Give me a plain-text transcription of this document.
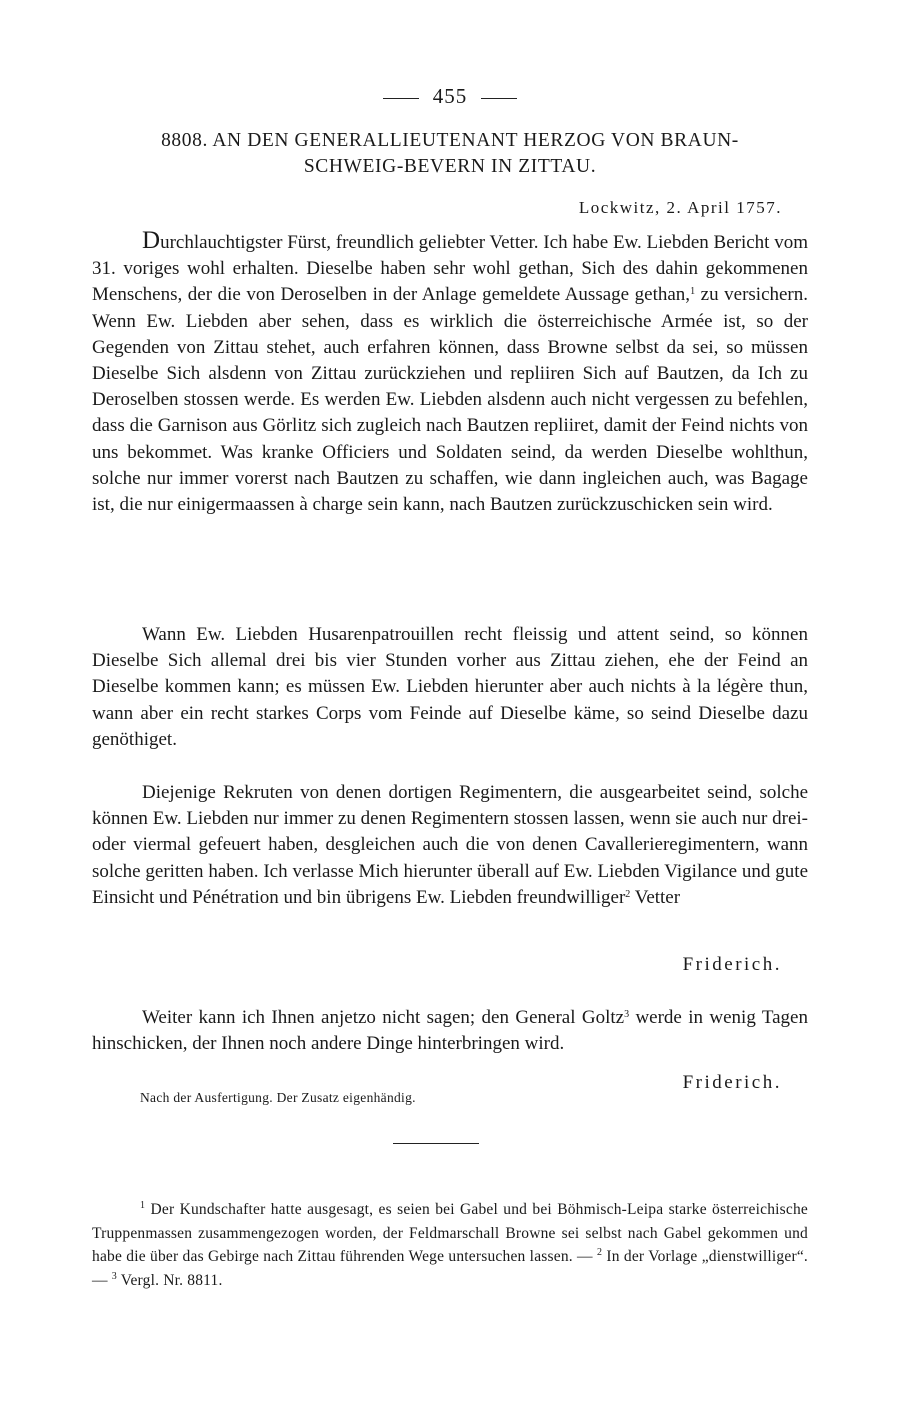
455
8808. AN DEN GENERALLIEUTENANT HERZOG VON BRAUN-
SCHWEIG-BEVERN IN ZITTAU.
Lockwitz, 2. April 1757.

Durchlauchtigster Fürst, freundlich geliebter Vetter. Ich habe Ew. Liebden Bericht vom 31. voriges wohl erhalten. Dieselbe haben sehr wohl gethan, Sich des dahin gekommenen Menschens, der die von Deroselben in der Anlage gemeldete Aussage gethan,$^1$ zu versichern. Wenn Ew. Liebden aber sehen, dass es wirklich die österreichische Armée ist, so der Gegenden von Zittau stehet, auch erfahren können, dass Browne selbst da sei, so müssen Dieselbe Sich alsdenn von Zittau zurückziehen und repliiren Sich auf Bautzen, da Ich zu Deroselben stossen werde. Es werden Ew. Liebden alsdenn auch nicht vergessen zu befehlen, dass die Garnison aus Görlitz sich zugleich nach Bautzen repliiret, damit der Feind nichts von uns bekommet. Was kranke Officiers und Soldaten seind, da werden Dieselbe wohlthun, solche nur immer vorerst nach Bautzen zu schaffen, wie dann ingleichen auch, was Bagage ist, die nur einigermaassen à charge sein kann, nach Bautzen zurückzuschicken sein wird.

Wann Ew. Liebden Husarenpatrouillen recht fleissig und attent seind, so können Dieselbe Sich allemal drei bis vier Stunden vorher aus Zittau ziehen, ehe der Feind an Dieselbe kommen kann; es müssen Ew. Liebden hierunter aber auch nichts à la légère thun, wann aber ein recht starkes Corps vom Feinde auf Dieselbe käme, so seind Dieselbe dazu genöthiget.

Diejenige Rekruten von denen dortigen Regimentern, die ausgearbeitet seind, solche können Ew. Liebden nur immer zu denen Regimentern stossen lassen, wenn sie auch nur drei- oder viermal gefeuert haben, desgleichen auch die von denen Cavallerieregimentern, wann solche geritten haben. Ich verlasse Mich hierunter überall auf Ew. Liebden Vigilance und gute Einsicht und Pénétration und bin übrigens Ew. Liebden freundwilliger$^2$ Vetter

Friderich.

Weiter kann ich Ihnen anjetzo nicht sagen; den General Goltz$^3$ werde in wenig Tagen hinschicken, der Ihnen noch andere Dinge hinterbringen wird.

Friderich.
Nach der Ausfertigung. Der Zusatz eigenhändig.

$^1$ Der Kundschafter hatte ausgesagt, es seien bei Gabel und bei Böhmisch-Leipa starke österreichische Truppenmassen zusammengezogen worden, der Feldmarschall Browne sei selbst nach Gabel gekommen und habe die über das Gebirge nach Zittau führenden Wege untersuchen lassen. — $^2$ In der Vorlage „dienstwilliger“. — $^3$ Vergl. Nr. 8811.
